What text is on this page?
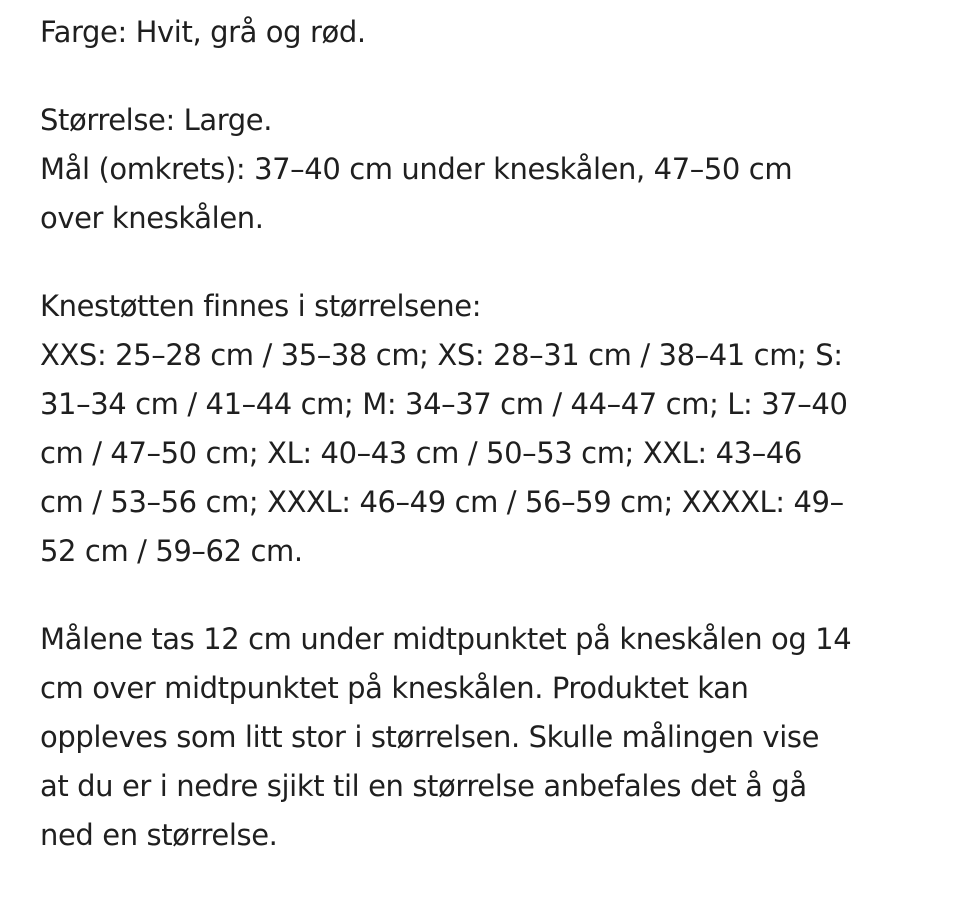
Farge: Hvit, grå og rød.

Størrelse: Large.
Mål (omkrets): 37–40 cm under kneskålen, 47–50 cm
over kneskålen.

Knestøtten finnes i størrelsene:
XXS: 25–28 cm / 35–38 cm; XS: 28–31 cm / 38–41 cm; S:
31–34 cm / 41–44 cm; M: 34–37 cm / 44–47 cm; L: 37–40
cm / 47–50 cm; XL: 40–43 cm / 50–53 cm; XXL: 43–46
cm / 53–56 cm; XXXL: 46–49 cm / 56–59 cm; XXXXL: 49–
52 cm / 59–62 cm.

Målene tas 12 cm under midtpunktet på kneskålen og 14
cm over midtpunktet på kneskålen. Produktet kan
oppleves som litt stor i størrelsen. Skulle målingen vise
at du er i nedre sjikt til en størrelse anbefales det å gå
ned en størrelse.
